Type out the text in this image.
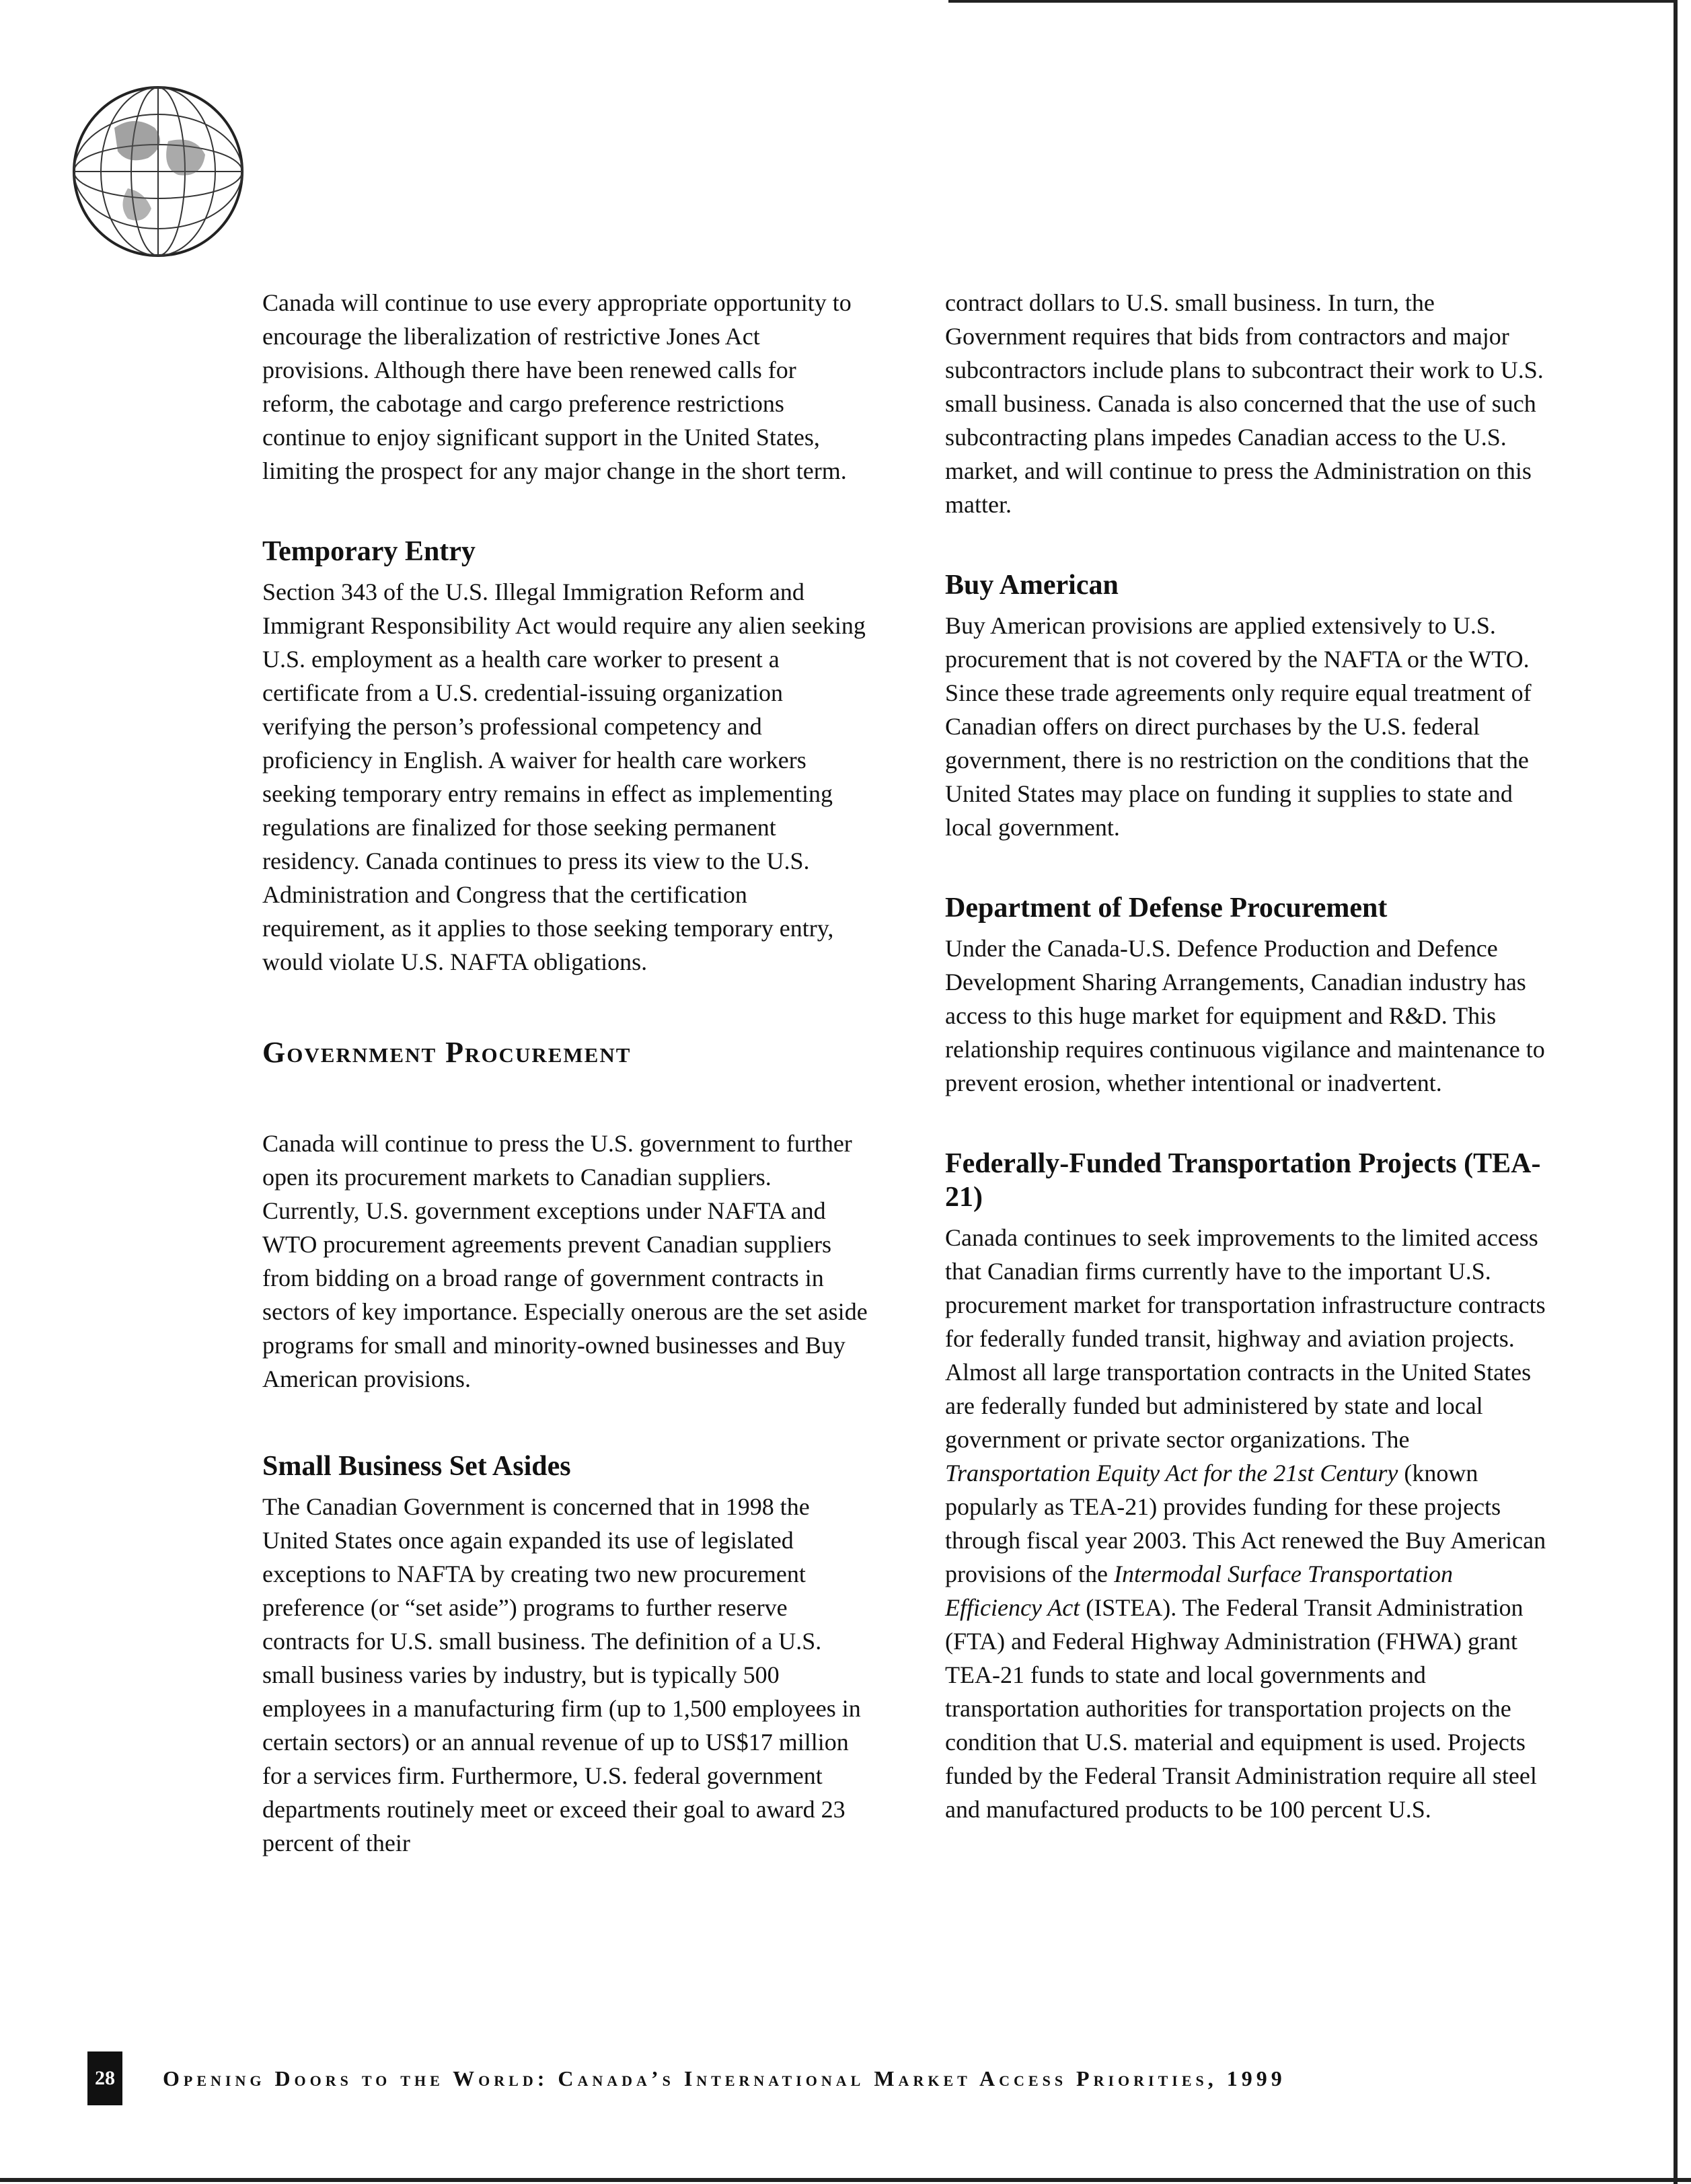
Canada will continue to use every appropriate opportunity to encourage the liberalization of restrictive Jones Act provisions. Although there have been renewed calls for reform, the cabotage and cargo preference restrictions continue to enjoy significant support in the United States, limiting the prospect for any major change in the short term.

Temporary Entry

Section 343 of the U.S. Illegal Immigration Reform and Immigrant Responsibility Act would require any alien seeking U.S. employment as a health care worker to present a certificate from a U.S. credential-issuing organization verifying the person’s professional competency and proficiency in English. A waiver for health care workers seeking temporary entry remains in effect as implementing regulations are finalized for those seeking permanent residency. Canada continues to press its view to the U.S. Administration and Congress that the certification requirement, as it applies to those seeking temporary entry, would violate U.S. NAFTA obligations.

Government Procurement

Canada will continue to press the U.S. government to further open its procurement markets to Canadian suppliers. Currently, U.S. government exceptions under NAFTA and WTO procurement agreements prevent Canadian suppliers from bidding on a broad range of government contracts in sectors of key importance. Especially onerous are the set aside programs for small and minority-owned businesses and Buy American provisions.

Small Business Set Asides

The Canadian Government is concerned that in 1998 the United States once again expanded its use of legislated exceptions to NAFTA by creating two new procurement preference (or “set aside”) programs to further reserve contracts for U.S. small business. The definition of a U.S. small business varies by industry, but is typically 500 employees in a manufacturing firm (up to 1,500 employees in certain sectors) or an annual revenue of up to US$17 million for a services firm. Furthermore, U.S. federal government departments routinely meet or exceed their goal to award 23 percent of their

contract dollars to U.S. small business. In turn, the Government requires that bids from contractors and major subcontractors include plans to subcontract their work to U.S. small business. Canada is also concerned that the use of such subcontracting plans impedes Canadian access to the U.S. market, and will continue to press the Administration on this matter.

Buy American

Buy American provisions are applied extensively to U.S. procurement that is not covered by the NAFTA or the WTO. Since these trade agreements only require equal treatment of Canadian offers on direct purchases by the U.S. federal government, there is no restriction on the conditions that the United States may place on funding it supplies to state and local government.

Department of Defense Procurement

Under the Canada-U.S. Defence Production and Defence Development Sharing Arrangements, Canadian industry has access to this huge market for equipment and R&D. This relationship requires continuous vigilance and maintenance to prevent erosion, whether intentional or inadvertent.

Federally-Funded Transportation Projects (TEA-21)

Canada continues to seek improvements to the limited access that Canadian firms currently have to the important U.S. procurement market for transportation infrastructure contracts for federally funded transit, highway and aviation projects. Almost all large transportation contracts in the United States are federally funded but administered by state and local government or private sector organizations. The Transportation Equity Act for the 21st Century (known popularly as TEA-21) provides funding for these projects through fiscal year 2003. This Act renewed the Buy American provisions of the Intermodal Surface Transportation Efficiency Act (ISTEA). The Federal Transit Administration (FTA) and Federal Highway Administration (FHWA) grant TEA-21 funds to state and local governments and transportation authorities for transportation projects on the condition that U.S. material and equipment is used. Projects funded by the Federal Transit Administration require all steel and manufactured products to be 100 percent U.S.

28	Opening Doors to the World: Canada’s International Market Access Priorities, 1999
